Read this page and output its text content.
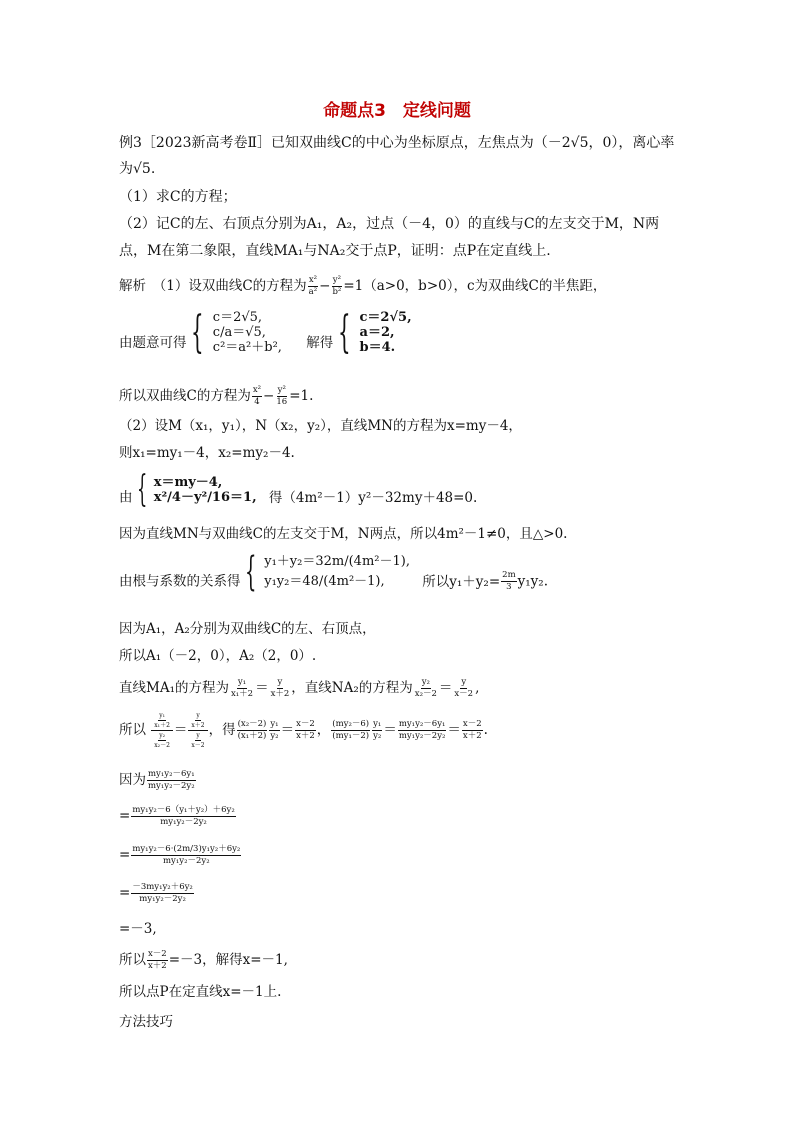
命题点3　定线问题
例3［2023新高考卷Ⅱ］已知双曲线C的中心为坐标原点，左焦点为（－2√5，0），离心率
为√5.
（1）求C的方程；
（2）记C的左、右顶点分别为A₁，A₂，过点（－4，0）的直线与C的左支交于M，N两
点，M在第二象限，直线MA₁与NA₂交于点P，证明：点P在定直线上.
解析　（1）设双曲线C的方程为 $\frac{\text{x²}}{\text{a²}} - \frac{\text{y²}}{\text{b²}} =1(a>0$，b>0），c为双曲线C的半焦距，
由题意可得 { c＝2√5,
c/a＝√5,
c²＝a²＋b², 解得 { c＝2√5,
a＝2,
b＝4.
所以双曲线C的方程为 $\frac{\text{x²}}{4} - \frac{\text{y²}}{16} =1$.
（2）设M（x₁，y₁），N（x₂，y₂），直线MN的方程为x=my－4，
则x₁=my₁－4，x₂=my₂－4.
由 { x＝my－4,
x²/4－y²/16＝1, 得（4m²－1）y²－32my＋48=0.
因为直线MN与双曲线C的左支交于M，N两点，所以4m²－1≠0，且△>0.
由根与系数的关系得 { y₁＋y₂＝32m/(4m²－1),
y₁y₂＝48/(4m²－1),	所以$y_1+y_2= \frac{2m}{3} y_1y_2$.
因为A₁，A₂分别为双曲线C的左、右顶点，
所以A₁（－2，0），A₂（2，0）.
直线MA₁的方程为 $\frac{\text{y₁}}{\text{x₁＋2}} = \frac{y}{x+2}$ ，直线NA₂的方程为 $\frac{\text{y₂}}{\text{x₂－2}} = \frac{y}{x-2}$ ,
所以 $\frac{\frac{\text{y₁}}{\text{x₁＋2}}}{\frac{\text{y₂}}{\text{x₂－2}}} = \frac{\frac{y}{x+2}}{\frac{y}{x-2}}$ ，得 $\frac{\text{(x₂－2)}}{\text{(x₁＋2)}} \frac{\text{y₁}}{\text{y₂}} = \frac{x-2}{x+2}$ ， $\frac{\text{(my₂－6)}}{\text{(my₁－2)}} \frac{\text{y₁}}{\text{y₂}} = \frac{\text{my₁y₂－6y₁}}{\text{my₁y₂－2y₂}} = \frac{x-2}{x+2}$ .
因为 $\frac{\text{my₁y₂－6y₁}}{\text{my₁y₂－2y₂}}$
= $\frac{\text{my₁y₂－6（y₁＋y₂）＋6y₂}}{\text{my₁y₂－2y₂}}$
= $\frac{\text{my₁y₂－6·(2m/3)y₁y₂＋6y₂}}{\text{my₁y₂－2y₂}}$
= $\frac{\text{－3my₁y₂＋6y₂}}{\text{my₁y₂－2y₂}}$
=－3,
所以 $\frac{x-2}{x+2} =-3$，解得x=－1,
所以点P在定直线x=－1上.
方法技巧
